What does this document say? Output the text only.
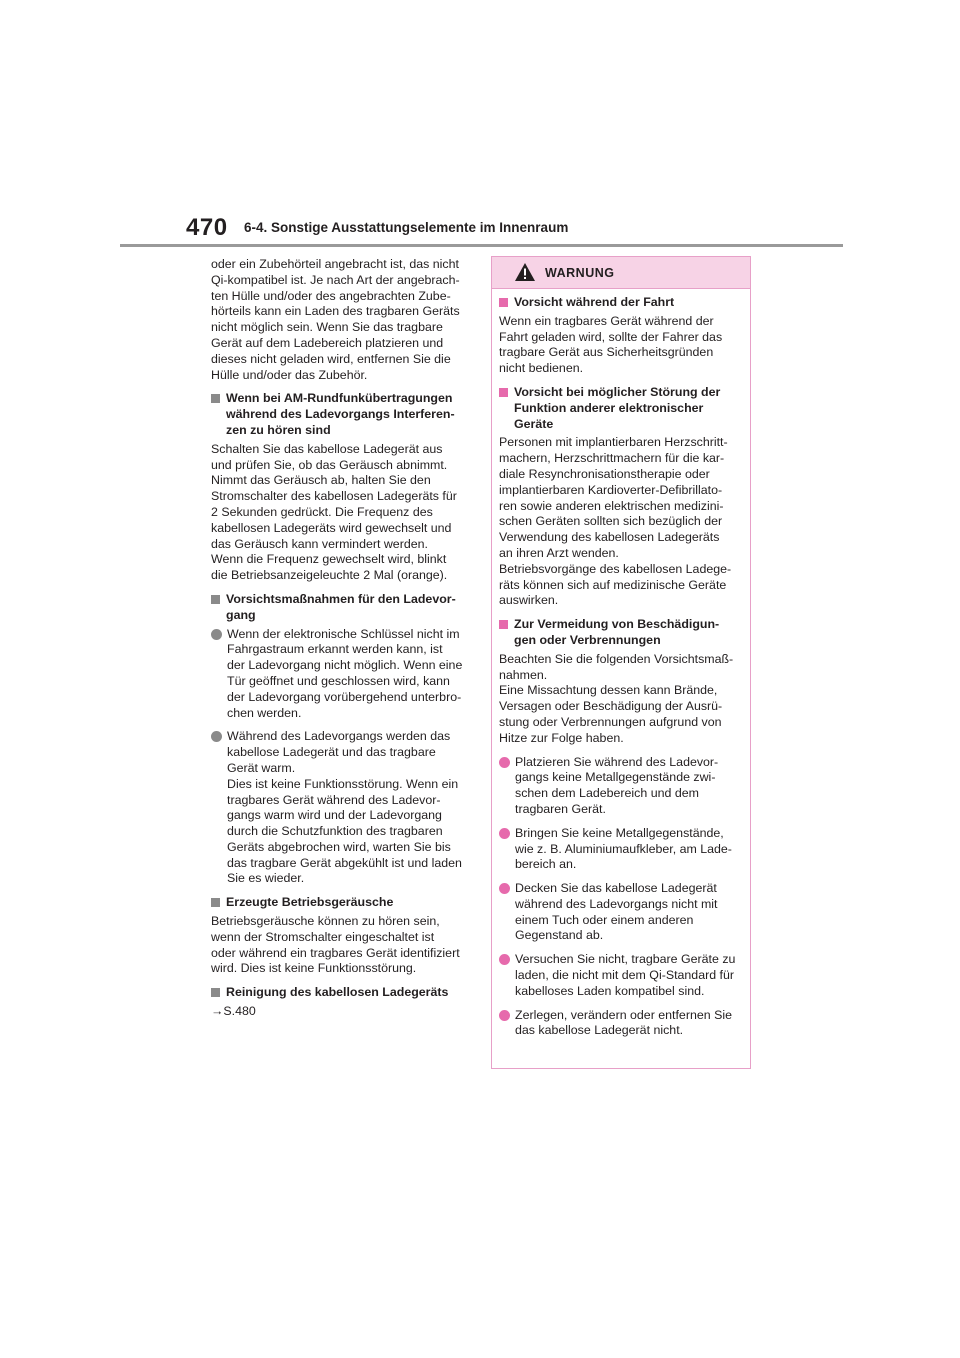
470 6-4. Sonstige Ausstattungselemente im Innenraum

oder ein Zubehörteil angebracht ist, das nicht
Qi-kompatibel ist. Je nach Art der angebrach-
ten Hülle und/oder des angebrachten Zube-
hörteils kann ein Laden des tragbaren Geräts
nicht möglich sein. Wenn Sie das tragbare
Gerät auf dem Ladebereich platzieren und
dieses nicht geladen wird, entfernen Sie die
Hülle und/oder das Zubehör.

Wenn bei AM-Rundfunkübertragungen
während des Ladevorgangs Interferen-
zen zu hören sind

Schalten Sie das kabellose Ladegerät aus
und prüfen Sie, ob das Geräusch abnimmt.
Nimmt das Geräusch ab, halten Sie den
Stromschalter des kabellosen Ladegeräts für
2 Sekunden gedrückt. Die Frequenz des
kabellosen Ladegeräts wird gewechselt und
das Geräusch kann vermindert werden.
Wenn die Frequenz gewechselt wird, blinkt
die Betriebsanzeigeleuchte 2 Mal (orange).

Vorsichtsmaßnahmen für den Ladevor-
gang
Wenn der elektronische Schlüssel nicht im
Fahrgastraum erkannt werden kann, ist
der Ladevorgang nicht möglich. Wenn eine
Tür geöffnet und geschlossen wird, kann
der Ladevorgang vorübergehend unterbro-
chen werden.
Während des Ladevorgangs werden das
kabellose Ladegerät und das tragbare
Gerät warm.
Dies ist keine Funktionsstörung. Wenn ein
tragbares Gerät während des Ladevor-
gangs warm wird und der Ladevorgang
durch die Schutzfunktion des tragbaren
Geräts abgebrochen wird, warten Sie bis
das tragbare Gerät abgekühlt ist und laden
Sie es wieder.
Erzeugte Betriebsgeräusche

Betriebsgeräusche können zu hören sein,
wenn der Stromschalter eingeschaltet ist
oder während ein tragbares Gerät identifiziert
wird. Dies ist keine Funktionsstörung.

Reinigung des kabellosen Ladegeräts

→S.480

WARNUNG
Vorsicht während der Fahrt

Wenn ein tragbares Gerät während der
Fahrt geladen wird, sollte der Fahrer das
tragbare Gerät aus Sicherheitsgründen
nicht bedienen.

Vorsicht bei möglicher Störung der
Funktion anderer elektronischer
Geräte

Personen mit implantierbaren Herzschritt-
machern, Herzschrittmachern für die kar-
diale Resynchronisationstherapie oder
implantierbaren Kardioverter-Defibrillato-
ren sowie anderen elektrischen medizini-
schen Geräten sollten sich bezüglich der
Verwendung des kabellosen Ladegeräts
an ihren Arzt wenden.
Betriebsvorgänge des kabellosen Ladege-
räts können sich auf medizinische Geräte
auswirken.

Zur Vermeidung von Beschädigun-
gen oder Verbrennungen

Beachten Sie die folgenden Vorsichtsmaß-
nahmen.
Eine Missachtung dessen kann Brände,
Versagen oder Beschädigung der Ausrü-
stung oder Verbrennungen aufgrund von
Hitze zur Folge haben.

Platzieren Sie während des Ladevor-
gangs keine Metallgegenstände zwi-
schen dem Ladebereich und dem
tragbaren Gerät.
Bringen Sie keine Metallgegenstände,
wie z. B. Aluminiumaufkleber, am Lade-
bereich an.
Decken Sie das kabellose Ladegerät
während des Ladevorgangs nicht mit
einem Tuch oder einem anderen
Gegenstand ab.
Versuchen Sie nicht, tragbare Geräte zu
laden, die nicht mit dem Qi-Standard für
kabelloses Laden kompatibel sind.
Zerlegen, verändern oder entfernen Sie
das kabellose Ladegerät nicht.
